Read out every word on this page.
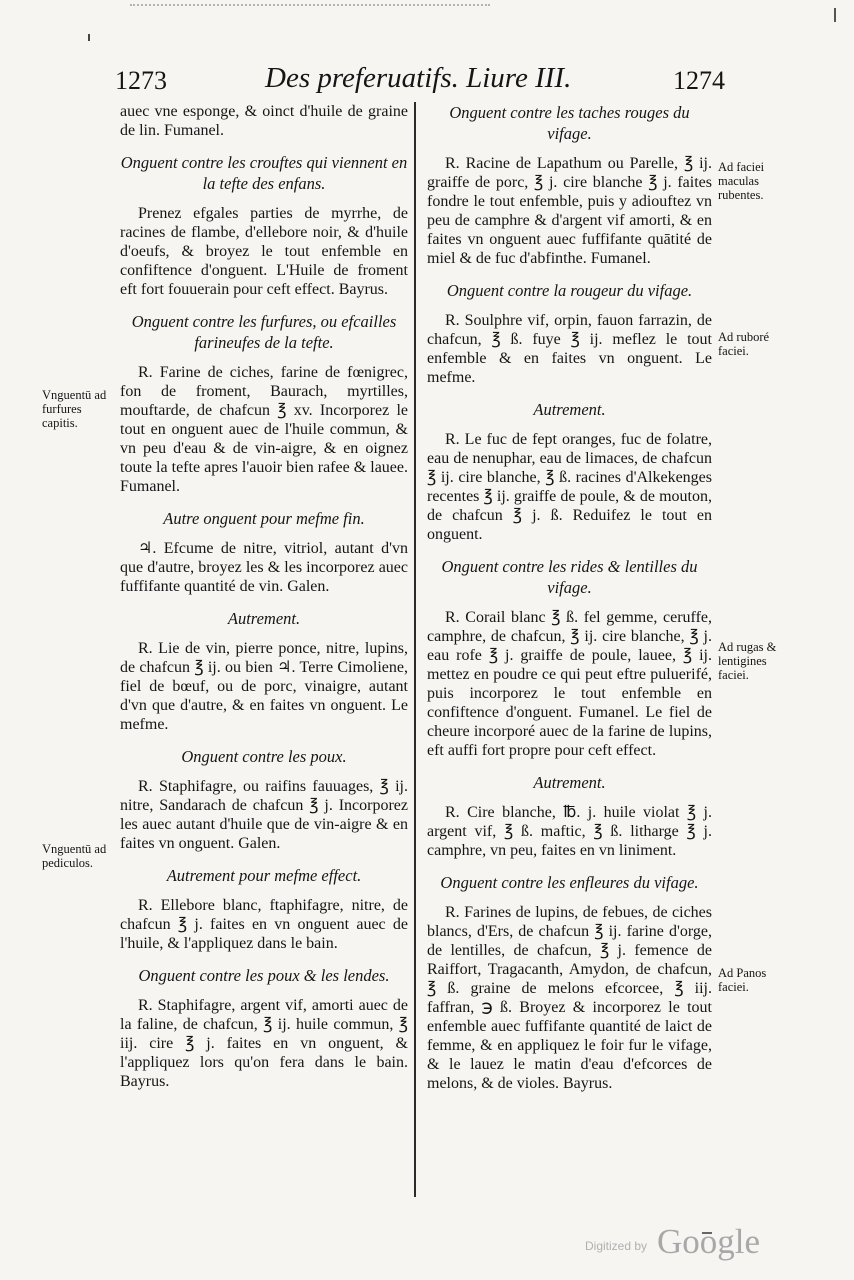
1273	Des preferuatifs. Liure III.	1274
auec vne esponge, & oinct d'huile de graine de lin. Fumanel.
Onguent contre les crouftes qui viennent en la tefte des enfans.
Prenez efgales parties de myrrhe, de racines de flambe, d'ellebore noir, & d'huile d'oeufs, & broyez le tout enfemble en confiftence d'onguent. L'Huile de froment eft fort fouuerain pour ceft effect. Bayrus.
Onguent contre les furfures, ou efcailles farineufes de la tefte.
R. Farine de ciches, farine de fœnigrec, fon de froment, Baurach, myrtilles, mouftarde, de chafcun ℥ xv. Incorporez le tout en onguent auec de l'huile commun, & vn peu d'eau & de vin-aigre, & en oignez toute la tefte apres l'auoir bien rafee & lauee. Fumanel.
Autre onguent pour mefme fin.
♃. Efcume de nitre, vitriol, autant d'vn que d'autre, broyez les & les incorporez auec fuffifante quantité de vin. Galen.
Autrement.
R. Lie de vin, pierre ponce, nitre, lupins, de chafcun ℥ ij. ou bien ♃. Terre Cimoliene, fiel de bœuf, ou de porc, vinaigre, autant d'vn que d'autre, & en faites vn onguent. Le mefme.
Onguent contre les poux.
R. Staphifagre, ou raifins fauuages, ℥ ij. nitre, Sandarach de chafcun ℥ j. Incorporez les auec autant d'huile que de vin-aigre & en faites vn onguent. Galen.
Autrement pour mefme effect.
R. Ellebore blanc, ftaphifagre, nitre, de chafcun ℥ j. faites en vn onguent auec de l'huile, & l'appliquez dans le bain.
Onguent contre les poux & les lendes.
R. Staphifagre, argent vif, amorti auec de la faline, de chafcun, ℥ ij. huile commun, ℥ iij. cire ℥ j. faites en vn onguent, & l'appliquez lors qu'on fera dans le bain. Bayrus.
Onguent contre les taches rouges du vifage.
R. Racine de Lapathum ou Parelle, ℥ ij. graiffe de porc, ℥ j. cire blanche ℥ j. faites fondre le tout enfemble, puis y adiouftez vn peu de camphre & d'argent vif amorti, & en faites vn onguent auec fuffifante quātité de miel & de fuc d'abfinthe. Fumanel.
Onguent contre la rougeur du vifage.
R. Soulphre vif, orpin, fauon farrazin, de chafcun, ℥ ß. fuye ℥ ij. meflez le tout enfemble & en faites vn onguent. Le mefme.
Autrement.
R. Le fuc de fept oranges, fuc de folatre, eau de nenuphar, eau de limaces, de chafcun ℥ ij. cire blanche, ℥ ß. racines d'Alkekenges recentes ℥ ij. graiffe de poule, & de mouton, de chafcun ℥ j. ß. Reduifez le tout en onguent.
Onguent contre les rides & lentilles du vifage.
R. Corail blanc ℥ ß. fel gemme, ceruffe, camphre, de chafcun, ℥ ij. cire blanche, ℥ j. eau rofe ℥ j. graiffe de poule, lauee, ℥ ij. mettez en poudre ce qui peut eftre puluerifé, puis incorporez le tout enfemble en confiftence d'onguent. Fumanel. Le fiel de cheure incorporé auec de la farine de lupins, eft auffi fort propre pour ceft effect.
Autrement.
R. Cire blanche, ℔. j. huile violat ℥ j. argent vif, ℥ ß. maftic, ℥ ß. litharge ℥ j. camphre, vn peu, faites en vn liniment.
Onguent contre les enfleures du vifage.
R. Farines de lupins, de febues, de ciches blancs, d'Ers, de chafcun ℥ ij. farine d'orge, de lentilles, de chafcun, ℥ j. femence de Raiffort, Tragacanth, Amydon, de chafcun, ℥ ß. graine de melons efcorcee, ℥ iij. faffran, ℈ ß. Broyez & incorporez le tout enfemble auec fuffifante quantité de laict de femme, & en appliquez le foir fur le vifage, & le lauez le matin d'eau d'efcorces de melons, & de violes. Bayrus.
Vnguentū ad furfures capitis.
Vnguentū ad pediculos.
Ad faciei maculas rubentes.
Ad ruboré faciei.
Ad rugas & lentigines faciei.
Ad Panos faciei.
Digitized by Google
